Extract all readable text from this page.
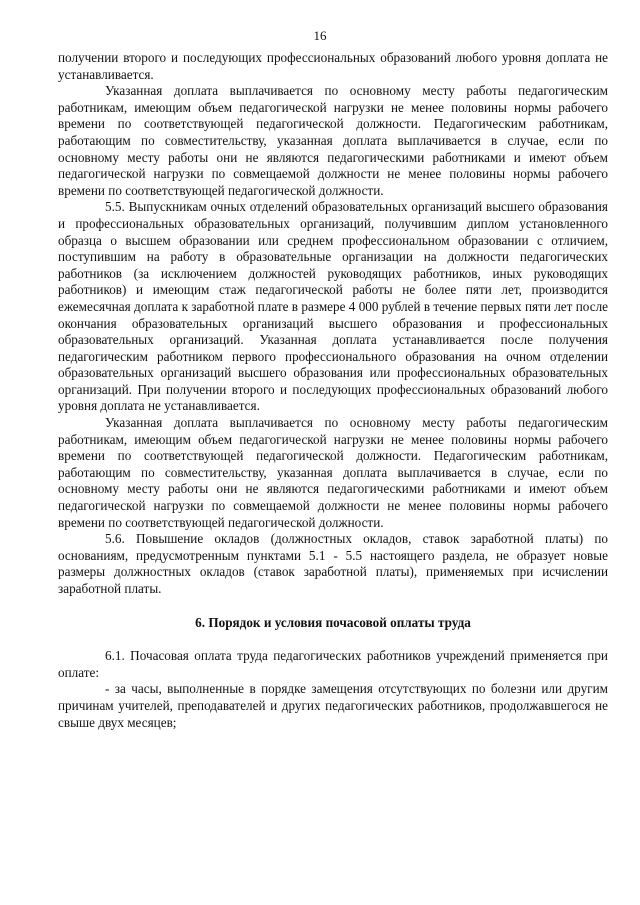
16

получении второго и последующих профессиональных образований любого уровня доплата не устанавливается.

Указанная доплата выплачивается по основному месту работы педагогическим работникам, имеющим объем педагогической нагрузки не менее половины нормы рабочего времени по соответствующей педагогической должности. Педагогическим работникам, работающим по совместительству, указанная доплата выплачивается в случае, если по основному месту работы они не являются педагогическими работниками и имеют объем педагогической нагрузки по совмещаемой должности не менее половины нормы рабочего времени по соответствующей педагогической должности.

5.5. Выпускникам очных отделений образовательных организаций высшего образования и профессиональных образовательных организаций, получившим диплом установленного образца о высшем образовании или среднем профессиональном образовании с отличием, поступившим на работу в образовательные организации на должности педагогических работников (за исключением должностей руководящих работников, иных руководящих работников) и имеющим стаж педагогической работы не более пяти лет, производится ежемесячная доплата к заработной плате в размере 4 000 рублей в течение первых пяти лет после окончания образовательных организаций высшего образования и профессиональных образовательных организаций. Указанная доплата устанавливается после получения педагогическим работником первого профессионального образования на очном отделении образовательных организаций высшего образования или профессиональных образовательных организаций. При получении второго и последующих профессиональных образований любого уровня доплата не устанавливается.

Указанная доплата выплачивается по основному месту работы педагогическим работникам, имеющим объем педагогической нагрузки не менее половины нормы рабочего времени по соответствующей педагогической должности. Педагогическим работникам, работающим по совместительству, указанная доплата выплачивается в случае, если по основному месту работы они не являются педагогическими работниками и имеют объем педагогической нагрузки по совмещаемой должности не менее половины нормы рабочего времени по соответствующей педагогической должности.

5.6. Повышение окладов (должностных окладов, ставок заработной платы) по основаниям, предусмотренным пунктами 5.1 - 5.5 настоящего раздела, не образует новые размеры должностных окладов (ставок заработной платы), применяемых при исчислении заработной платы.

6. Порядок и условия почасовой оплаты труда

6.1. Почасовая оплата труда педагогических работников учреждений применяется при оплате:

- за часы, выполненные в порядке замещения отсутствующих по болезни или другим причинам учителей, преподавателей и других педагогических работников, продолжавшегося не свыше двух месяцев;
